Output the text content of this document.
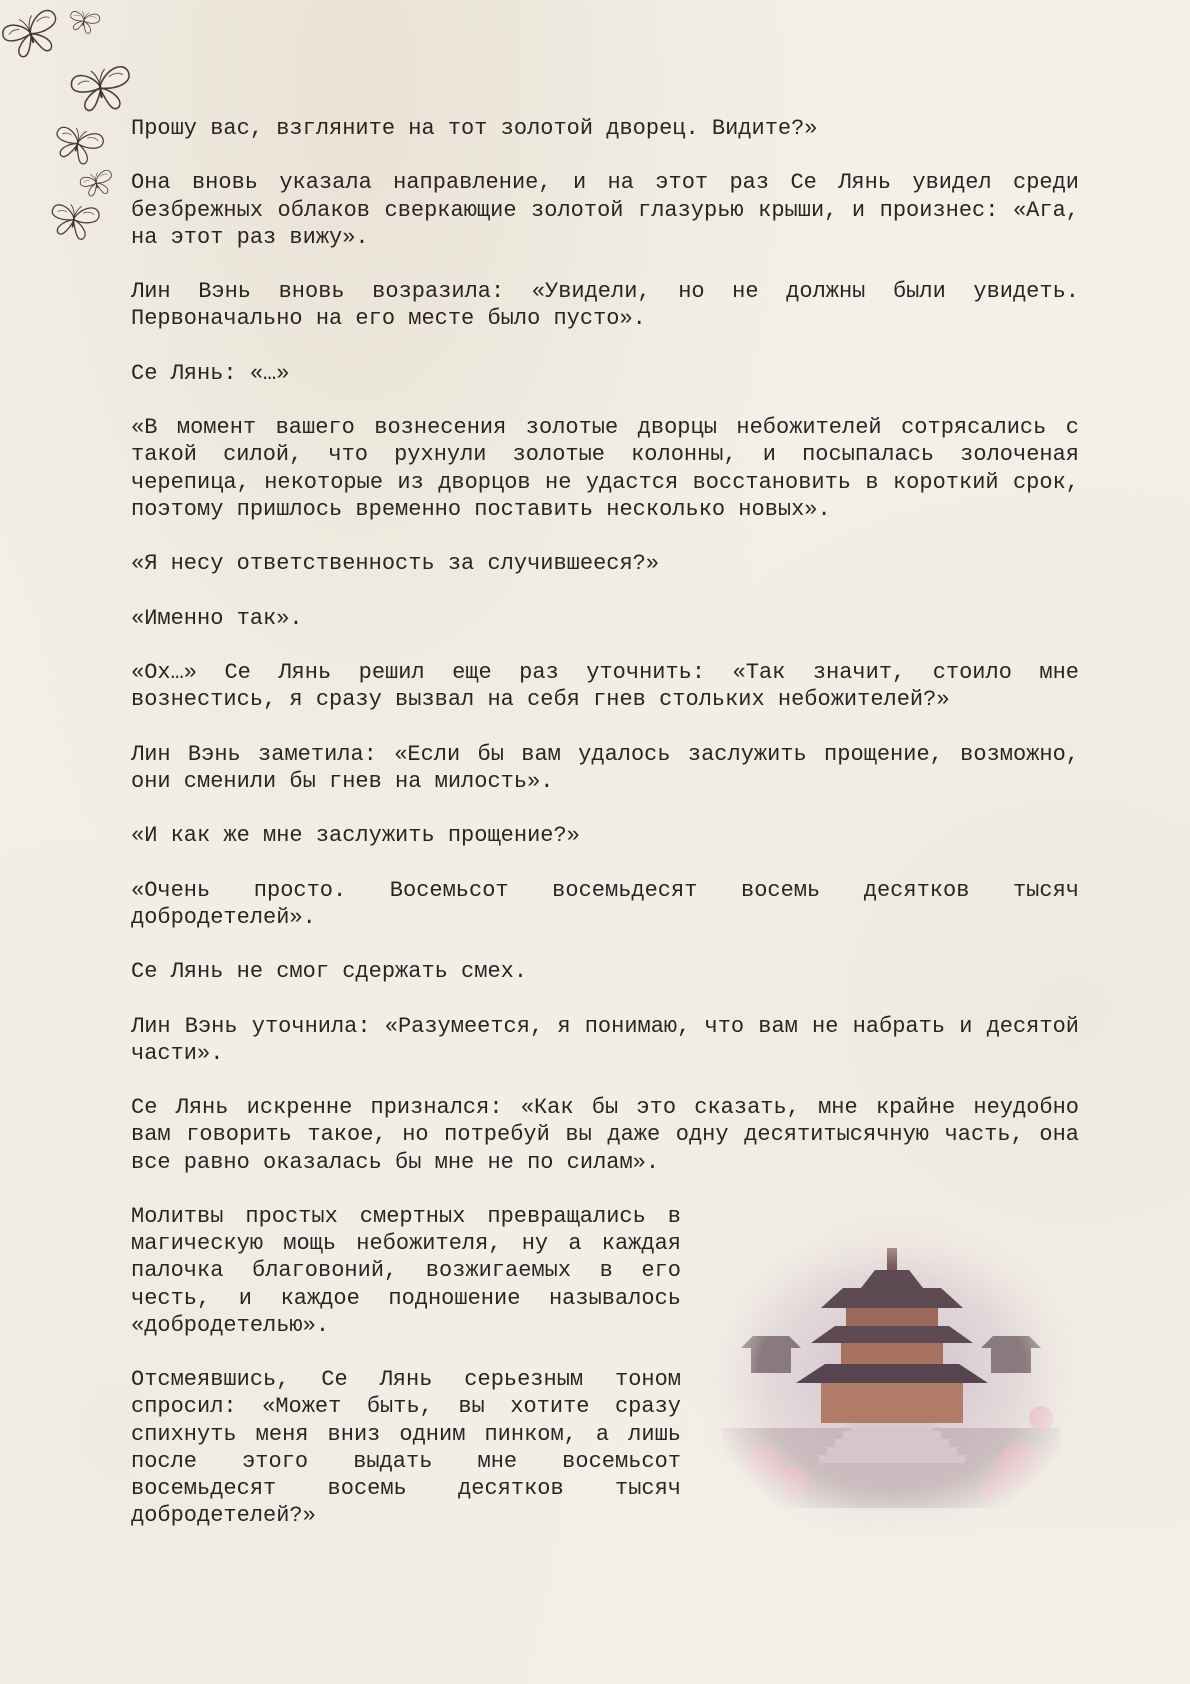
Прошу вас, взгляните на тот золотой дворец. Видите?»

Она вновь указала направление, и на этот раз Се Лянь увидел среди безбрежных облаков сверкающие золотой глазурью крыши, и произнес: «Ага, на этот раз вижу».

Лин Вэнь вновь возразила: «Увидели, но не должны были увидеть. Первоначально на его месте было пусто».

Се Лянь: «…»

«В момент вашего вознесения золотые дворцы небожителей сотрясались с такой силой, что рухнули золотые колонны, и посыпалась золоченая черепица, некоторые из дворцов не удастся восстановить в короткий срок, поэтому пришлось временно поставить несколько новых».

«Я несу ответственность за случившееся?»

«Именно так».

«Ох…» Се Лянь решил еще раз уточнить: «Так значит, стоило мне вознестись, я сразу вызвал на себя гнев стольких небожителей?»

Лин Вэнь заметила: «Если бы вам удалось заслужить прощение, возможно, они сменили бы гнев на милость».

«И как же мне заслужить прощение?»

«Очень просто. Восемьсот восемьдесят восемь десятков тысяч добродетелей».

Се Лянь не смог сдержать смех.

Лин Вэнь уточнила: «Разумеется, я понимаю, что вам не набрать и десятой части».

Се Лянь искренне признался: «Как бы это сказать, мне крайне неудобно вам говорить такое, но потребуй вы даже одну десятитысячную часть, она все равно оказалась бы мне не по силам».

Молитвы простых смертных превращались в магическую мощь небожителя, ну а каждая палочка благовоний, возжигаемых в его честь, и каждое подношение называлось «добродетелью».

Отсмеявшись, Се Лянь серьезным тоном спросил: «Может быть, вы хотите сразу спихнуть меня вниз одним пинком, а лишь после этого выдать мне восемьсот восемьдесят восемь десятков тысяч добродетелей?»
